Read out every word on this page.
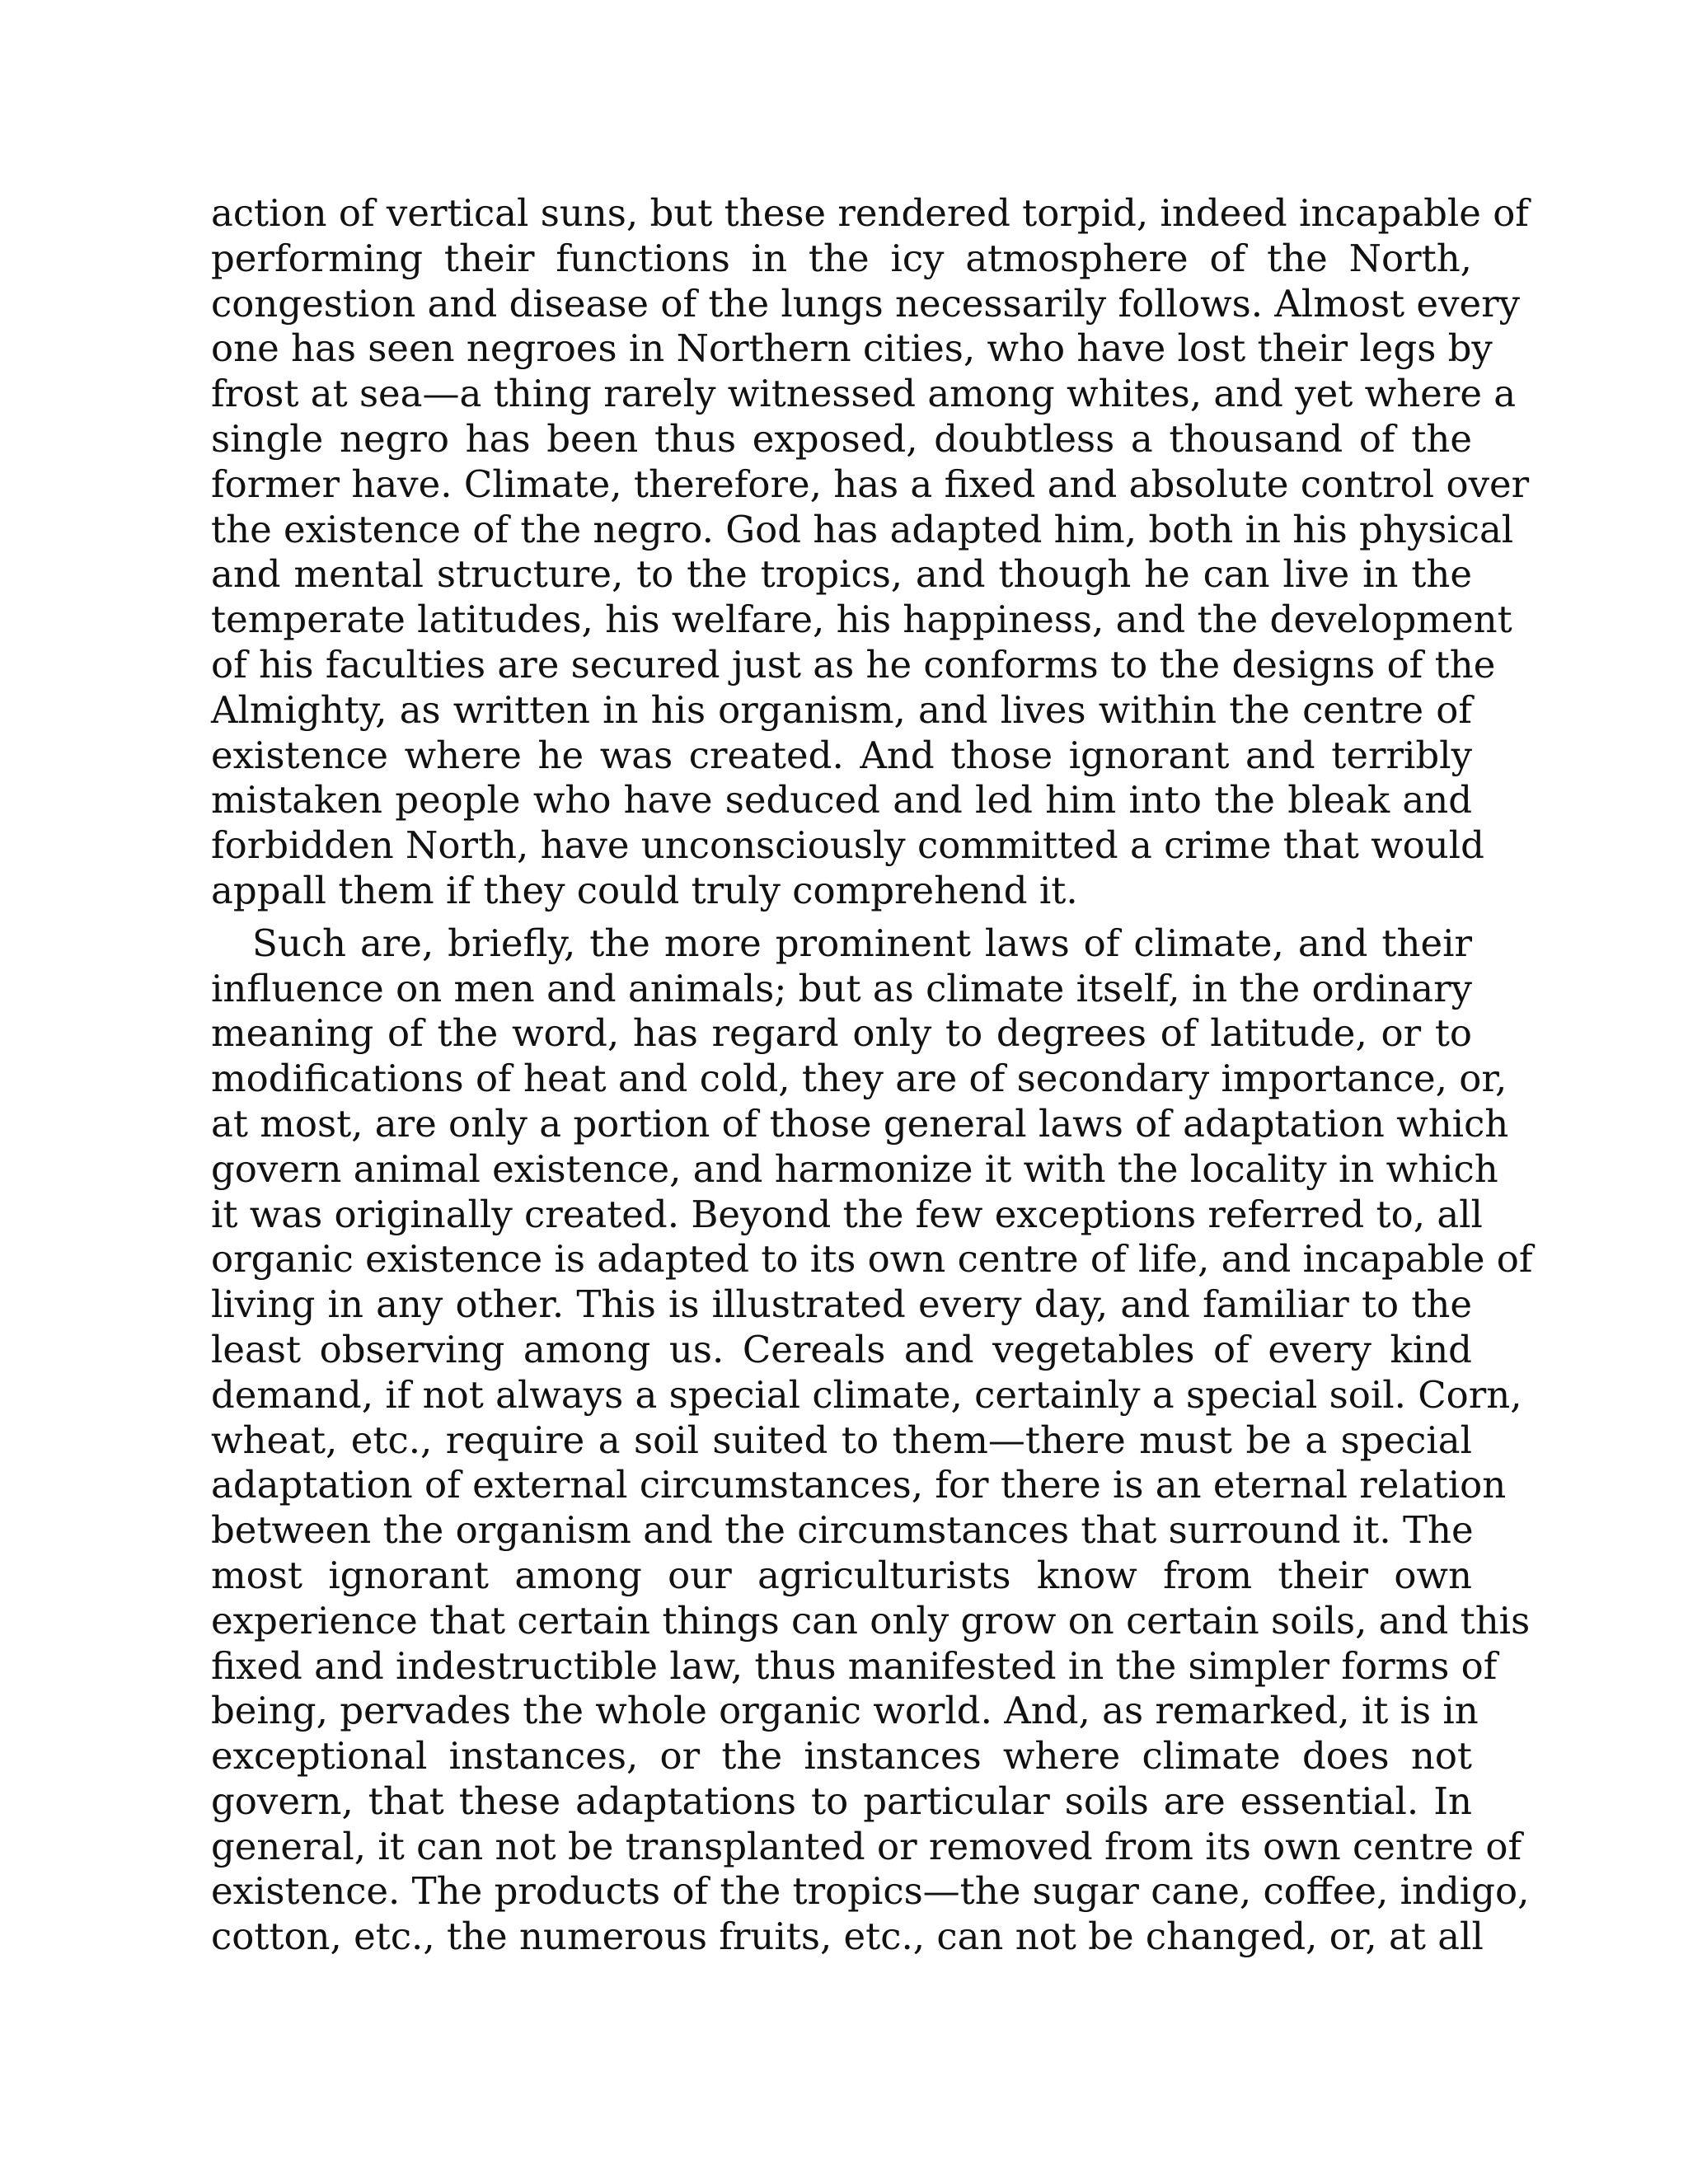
action of vertical suns, but these rendered torpid, indeed incapable of
performing their functions in the icy atmosphere of the North,
congestion and disease of the lungs necessarily follows. Almost every
one has seen negroes in Northern cities, who have lost their legs by
frost at sea—a thing rarely witnessed among whites, and yet where a
single negro has been thus exposed, doubtless a thousand of the
former have. Climate, therefore, has a fixed and absolute control over
the existence of the negro. God has adapted him, both in his physical
and mental structure, to the tropics, and though he can live in the
temperate latitudes, his welfare, his happiness, and the development
of his faculties are secured just as he conforms to the designs of the
Almighty, as written in his organism, and lives within the centre of
existence where he was created. And those ignorant and terribly
mistaken people who have seduced and led him into the bleak and
forbidden North, have unconsciously committed a crime that would
appall them if they could truly comprehend it.
Such are, briefly, the more prominent laws of climate, and their
influence on men and animals; but as climate itself, in the ordinary
meaning of the word, has regard only to degrees of latitude, or to
modifications of heat and cold, they are of secondary importance, or,
at most, are only a portion of those general laws of adaptation which
govern animal existence, and harmonize it with the locality in which
it was originally created. Beyond the few exceptions referred to, all
organic existence is adapted to its own centre of life, and incapable of
living in any other. This is illustrated every day, and familiar to the
least observing among us. Cereals and vegetables of every kind
demand, if not always a special climate, certainly a special soil. Corn,
wheat, etc., require a soil suited to them—there must be a special
adaptation of external circumstances, for there is an eternal relation
between the organism and the circumstances that surround it. The
most ignorant among our agriculturists know from their own
experience that certain things can only grow on certain soils, and this
fixed and indestructible law, thus manifested in the simpler forms of
being, pervades the whole organic world. And, as remarked, it is in
exceptional instances, or the instances where climate does not
govern, that these adaptations to particular soils are essential. In
general, it can not be transplanted or removed from its own centre of
existence. The products of the tropics—the sugar cane, coffee, indigo,
cotton, etc., the numerous fruits, etc., can not be changed, or, at all
